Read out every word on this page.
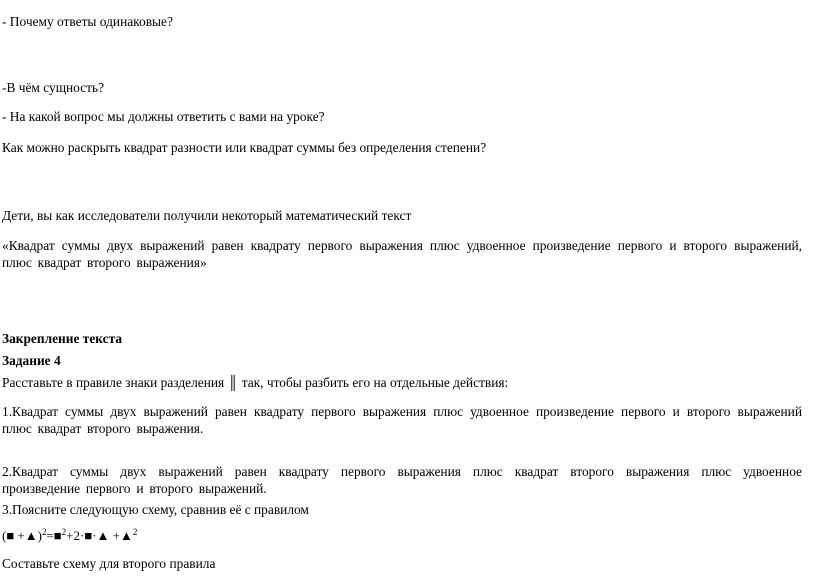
- Почему ответы одинаковые?
-В чём сущность?
- На какой вопрос мы должны ответить с вами на уроке?
Как можно раскрыть квадрат разности или квадрат суммы без определения степени?
Дети, вы как исследователи получили некоторый математический текст
«Квадрат суммы двух выражений равен квадрату первого выражения плюс удвоенное произведение первого и второго выражений, плюс квадрат второго выражения»
Закрепление текста
Задание 4
Расставьте в правиле знаки разделения ║ так, чтобы разбить его на отдельные действия:
1.Квадрат суммы двух выражений равен квадрату первого выражения плюс удвоенное произведение первого и второго выражений плюс квадрат второго выражения.
2.Квадрат суммы двух выражений равен квадрату первого выражения плюс квадрат второго выражения плюс удвоенное произведение первого и второго выражений.
3.Поясните следующую схему, сравнив её с правилом
(■ +▲)$^2$=■$^2$+2·■·▲ +▲$^2$
Составьте схему для второго правила
